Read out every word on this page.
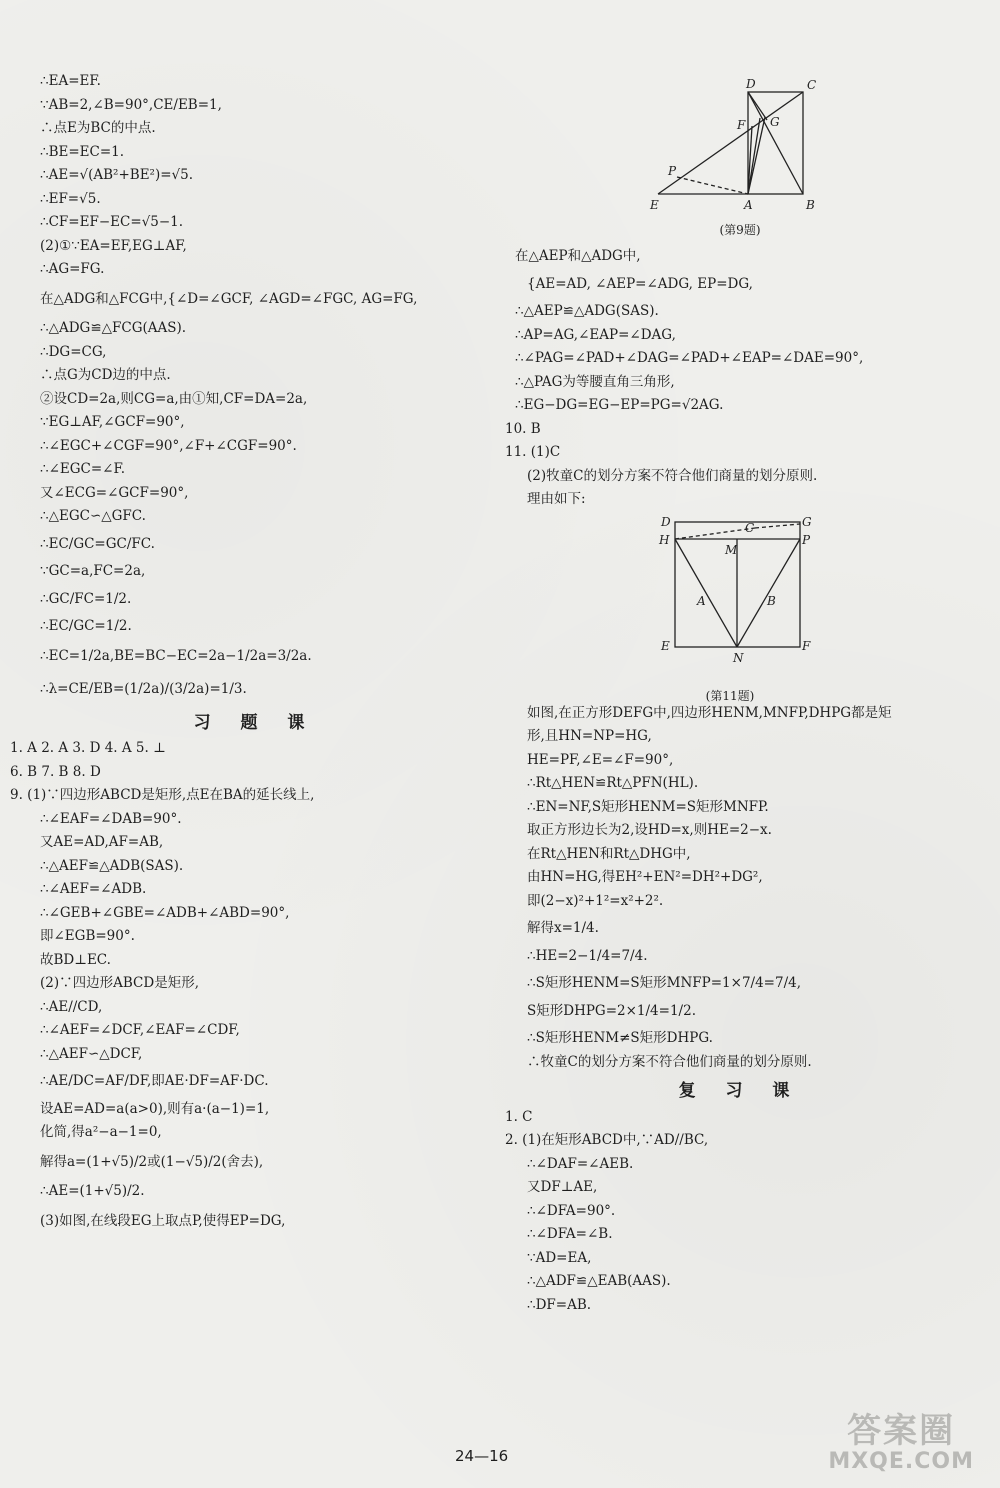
∴EA=EF.
∵AB=2,∠B=90°,CE/EB=1,
∴点E为BC的中点.
∴BE=EC=1.
∴AE=√(AB²+BE²)=√5.
∴EF=√5.
∴CF=EF−EC=√5−1.
(2)①∵EA=EF,EG⊥AF,
∴AG=FG.
在△ADG和△FCG中,{∠D=∠GCF, ∠AGD=∠FGC, AG=FG,
∴△ADG≌△FCG(AAS).
∴DG=CG,
∴点G为CD边的中点.
②设CD=2a,则CG=a,由①知,CF=DA=2a,
∵EG⊥AF,∠GCF=90°,
∴∠EGC+∠CGF=90°,∠F+∠CGF=90°.
∴∠EGC=∠F.
又∠ECG=∠GCF=90°,
∴△EGC∽△GFC.
∴EC/GC=GC/FC.
∵GC=a,FC=2a,
∴GC/FC=1/2.
∴EC/GC=1/2.
∴EC=1/2a,BE=BC−EC=2a−1/2a=3/2a.
∴λ=CE/EB=(1/2a)/(3/2a)=1/3.
习 题 课
1. A 2. A 3. D 4. A 5. ⊥
6. B 7. B 8. D
9. (1)∵四边形ABCD是矩形,点E在BA的延长线上,
∴∠EAF=∠DAB=90°.
又AE=AD,AF=AB,
∴△AEF≌△ADB(SAS).
∴∠AEF=∠ADB.
∴∠GEB+∠GBE=∠ADB+∠ABD=90°,
即∠EGB=90°.
故BD⊥EC.
(2)∵四边形ABCD是矩形,
∴AE//CD,
∴∠AEF=∠DCF,∠EAF=∠CDF,
∴△AEF∽△DCF,
∴AE/DC=AF/DF,即AE·DF=AF·DC.
设AE=AD=a(a>0),则有a·(a−1)=1,
化简,得a²−a−1=0,
解得a=(1+√5)/2或(1−√5)/2(舍去),
∴AE=(1+√5)/2.
(3)如图,在线段EG上取点P,使得EP=DG,
D	C
F G
P
E	A	B
(第9题)
在△AEP和△ADG中,
{AE=AD, ∠AEP=∠ADG, EP=DG,
∴△AEP≌△ADG(SAS).
∴AP=AG,∠EAP=∠DAG,
∴∠PAG=∠PAD+∠DAG=∠PAD+∠EAP=∠DAE=90°,
∴△PAG为等腰直角三角形,
∴EG−DG=EG−EP=PG=√2AG.
10. B
11. (1)C
(2)牧童C的划分方案不符合他们商量的划分原则.
理由如下:
D	G
H	P
C
M
A	B
E
N
F
(第11题)
如图,在正方形DEFG中,四边形HENM,MNFP,DHPG都是矩
形,且HN=NP=HG,
HE=PF,∠E=∠F=90°,
∴Rt△HEN≌Rt△PFN(HL).
∴EN=NF,S矩形HENM=S矩形MNFP.
取正方形边长为2,设HD=x,则HE=2−x.
在Rt△HEN和Rt△DHG中,
由HN=HG,得EH²+EN²=DH²+DG²,
即(2−x)²+1²=x²+2².
解得x=1/4.
∴HE=2−1/4=7/4.
∴S矩形HENM=S矩形MNFP=1×7/4=7/4,
S矩形DHPG=2×1/4=1/2.
∴S矩形HENM≠S矩形DHPG.
∴牧童C的划分方案不符合他们商量的划分原则.
复 习 课
1. C
2. (1)在矩形ABCD中,∵AD//BC,
∴∠DAF=∠AEB.
又DF⊥AE,
∴∠DFA=90°.
∴∠DFA=∠B.
∵AD=EA,
∴△ADF≌△EAB(AAS).
∴DF=AB.
24—16
答案圈
MXQE.COM
